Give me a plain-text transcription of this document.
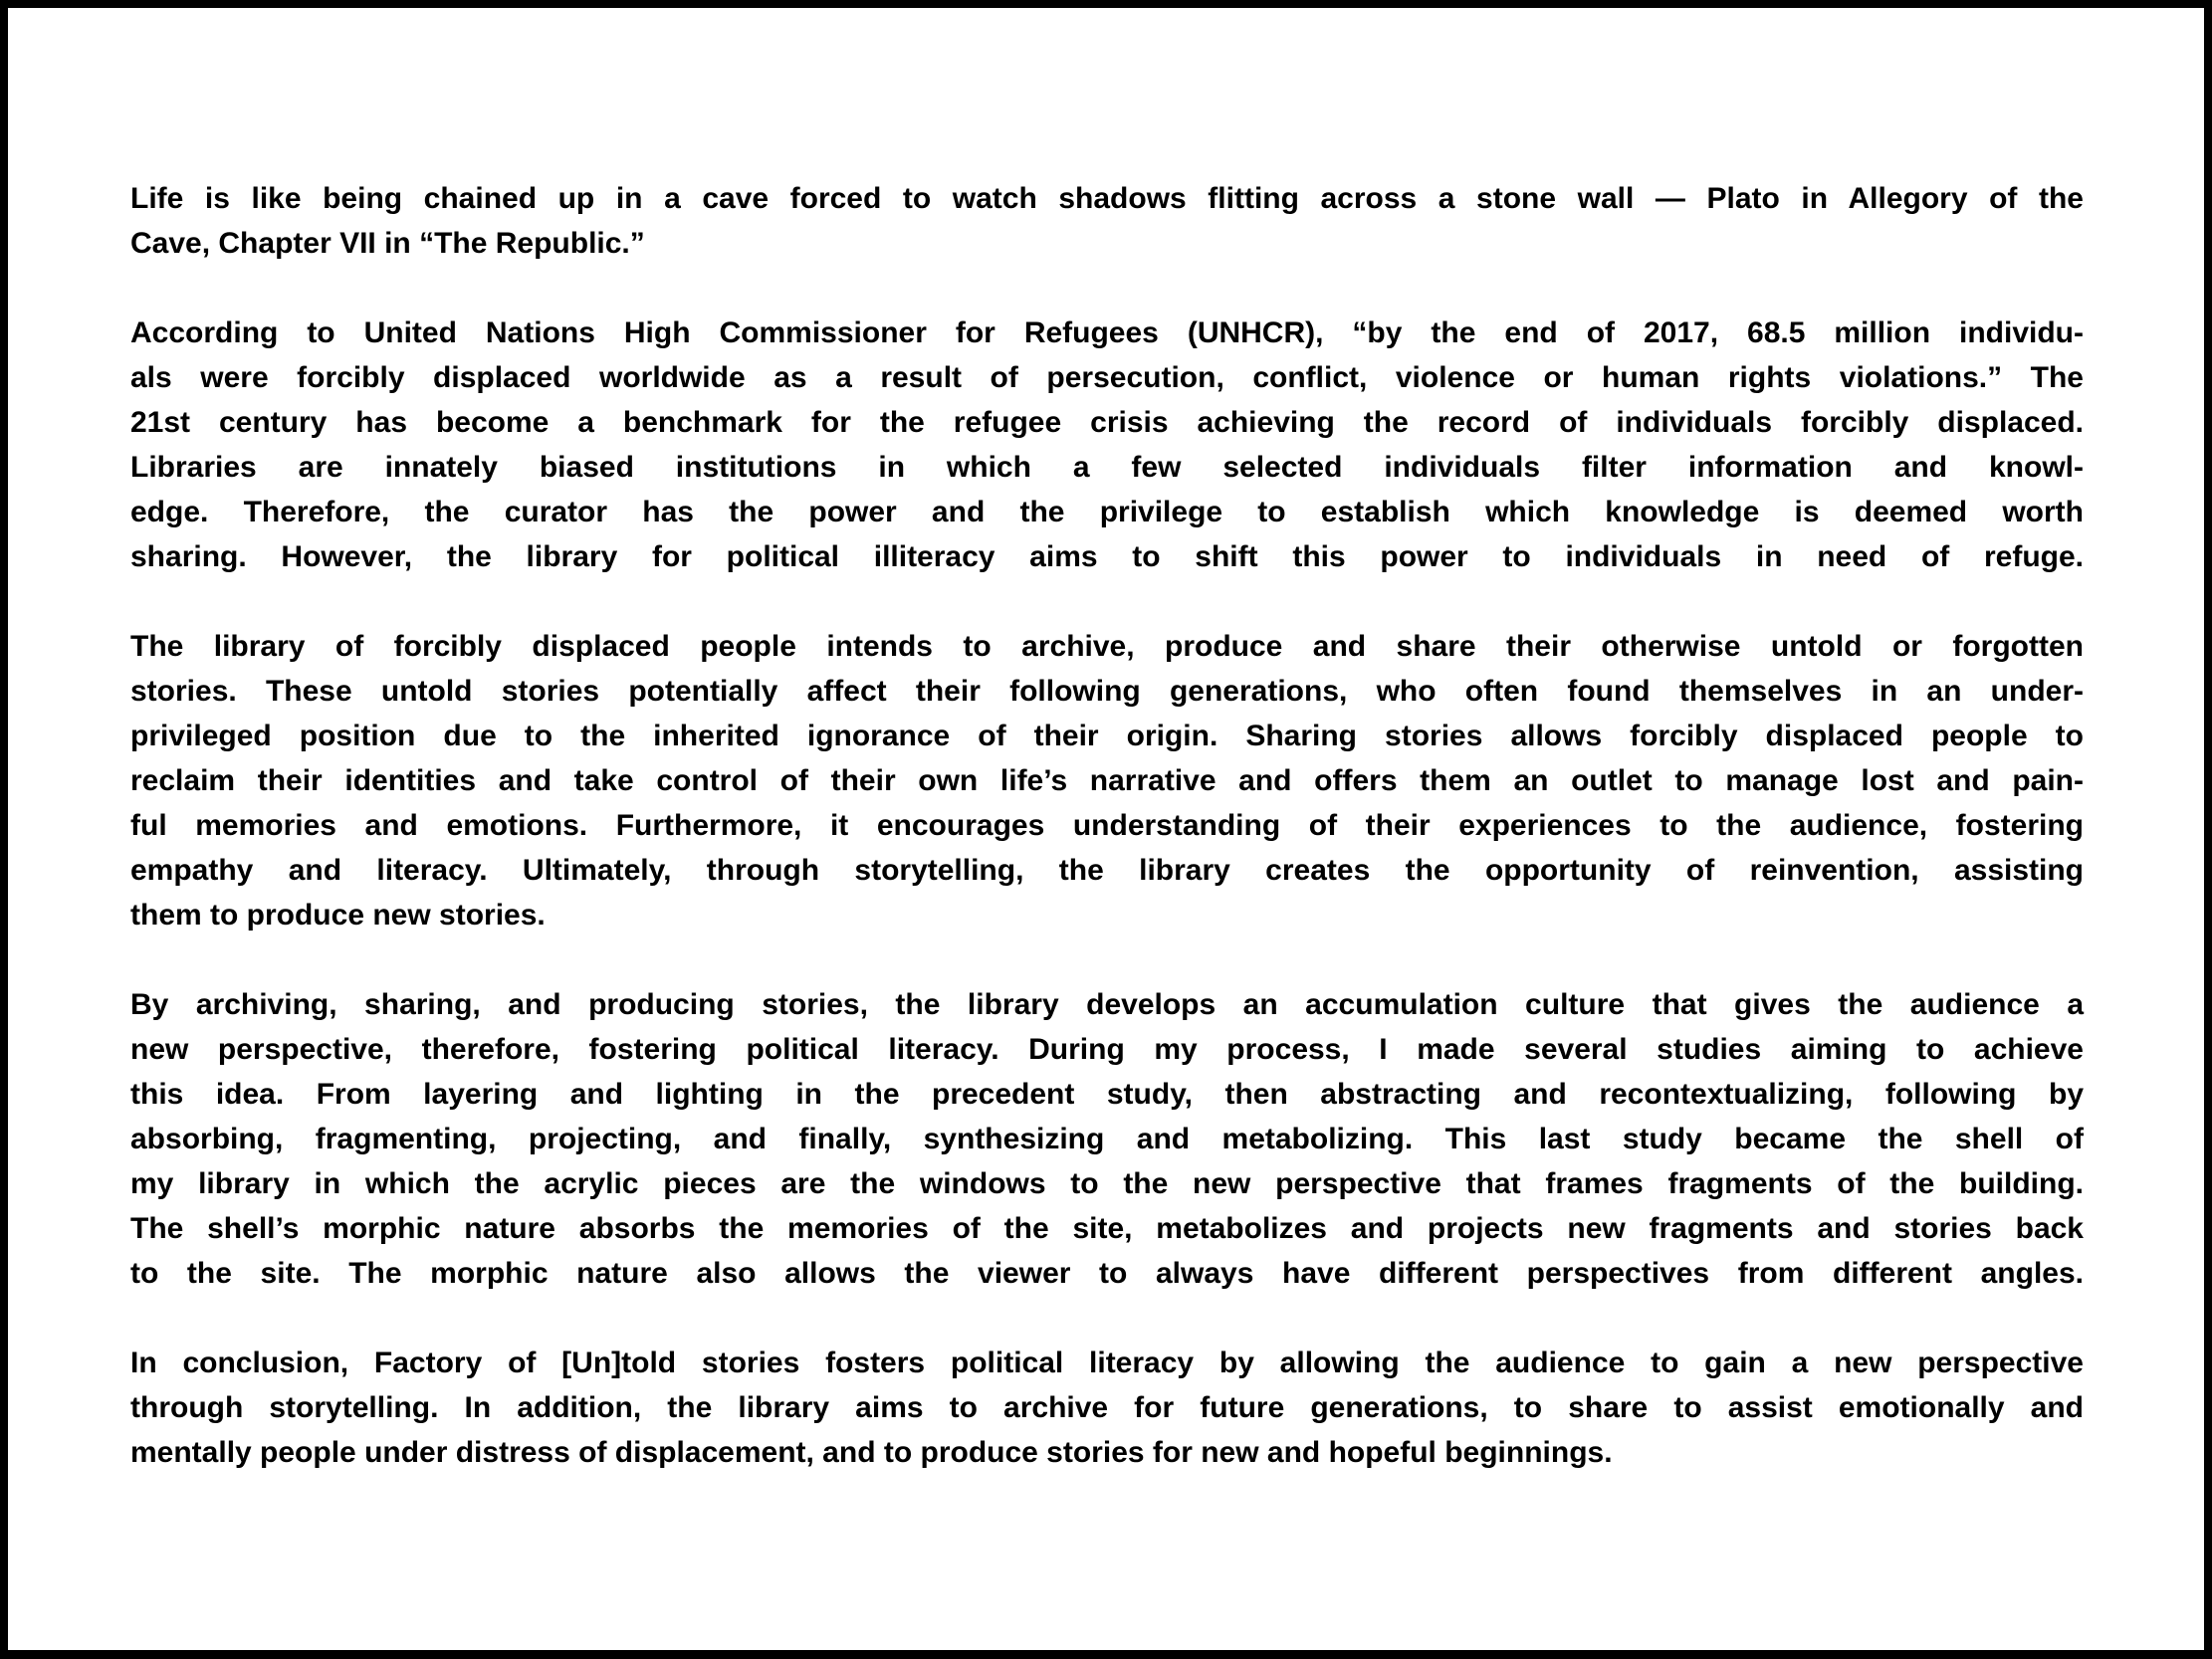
Life is like being chained up in a cave forced to watch shadows flitting across a stone wall — Plato in Allegory of the
Cave, Chapter VII in “The Republic.”
According to United Nations High Commissioner for Refugees (UNHCR), “by the end of 2017, 68.5 million individu-
als were forcibly displaced worldwide as a result of persecution, conflict, violence or human rights violations.” The
21st century has become a benchmark for the refugee crisis achieving the record of individuals forcibly displaced.
Libraries are innately biased institutions in which a few selected individuals filter information and knowl-
edge. Therefore, the curator has the power and the privilege to establish which knowledge is deemed worth
sharing. However, the library for political illiteracy aims to shift this power to individuals in need of refuge.
The library of forcibly displaced people intends to archive, produce and share their otherwise untold or forgotten
stories. These untold stories potentially affect their following generations, who often found themselves in an under-
privileged position due to the inherited ignorance of their origin. Sharing stories allows forcibly displaced people to
reclaim their identities and take control of their own life’s narrative and offers them an outlet to manage lost and pain-
ful memories and emotions. Furthermore, it encourages understanding of their experiences to the audience, fostering
empathy and literacy. Ultimately, through storytelling, the library creates the opportunity of reinvention, assisting
them to produce new stories.
By archiving, sharing, and producing stories, the library develops an accumulation culture that gives the audience a
new perspective, therefore, fostering political literacy. During my process, I made several studies aiming to achieve
this idea. From layering and lighting in the precedent study, then abstracting and recontextualizing, following by
absorbing, fragmenting, projecting, and finally, synthesizing and metabolizing. This last study became the shell of
my library in which the acrylic pieces are the windows to the new perspective that frames fragments of the building.
The shell’s morphic nature absorbs the memories of the site, metabolizes and projects new fragments and stories back
to the site. The morphic nature also allows the viewer to always have different perspectives from different angles.
In conclusion, Factory of [Un]told stories fosters political literacy by allowing the audience to gain a new perspective
through storytelling. In addition, the library aims to archive for future generations, to share to assist emotionally and
mentally people under distress of displacement, and to produce stories for new and hopeful beginnings.
